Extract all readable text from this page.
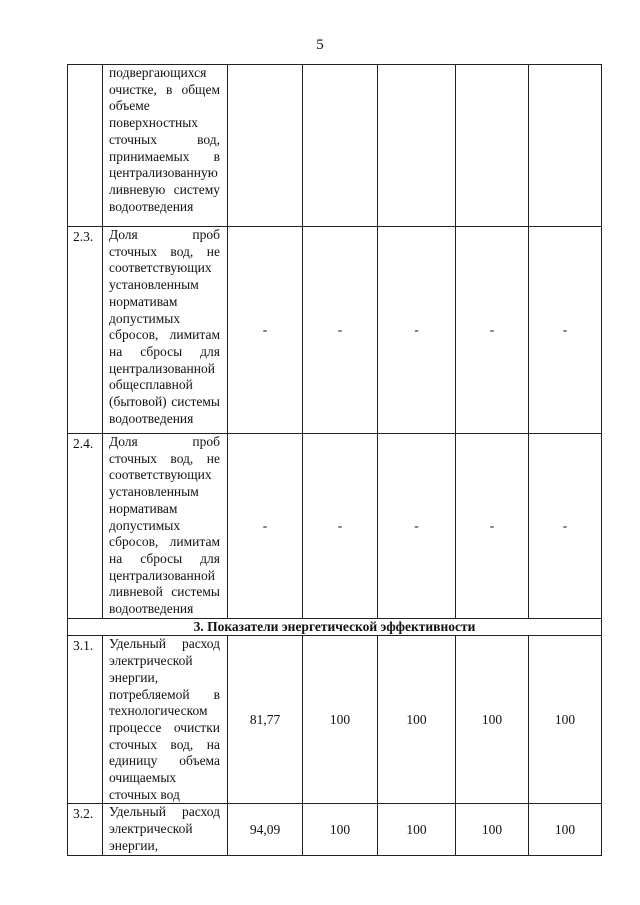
5
	подвергающихся очистке, в общем объеме поверхностных сточных вод, принимаемых в централизованную ливневую систему водоотведения					
2.3.	Доля проб сточных вод, не соответствующих установленным нормативам допустимых сбросов, лимитам на сбросы для централизованной общесплавной (бытовой) системы водоотведения	-	-	-	-	-
2.4.	Доля проб сточных вод, не соответствующих установленным нормативам допустимых сбросов, лимитам на сбросы для централизованной ливневой системы водоотведения	-	-	-	-	-
3. Показатели энергетической эффективности						
3.1.	Удельный расход электрической энергии, потребляемой в технологическом процессе очистки сточных вод, на единицу объема очищаемых сточных вод	81,77	100	100	100	100
3.2.	Удельный расход электрической энергии,	94,09	100	100	100	100
